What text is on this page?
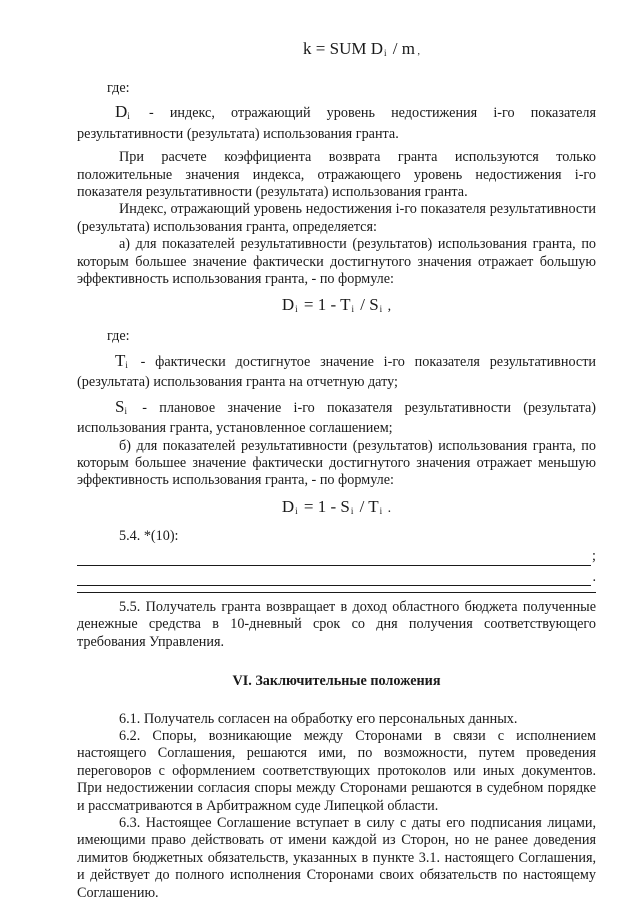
k = SUM $D_i$ / m ,
где:
$D_i$ - индекс, отражающий уровень недостижения i-го показателя результативности (результата) использования гранта.
При расчете коэффициента возврата гранта используются только положительные значения индекса, отражающего уровень недостижения i-го показателя результативности (результата) использования гранта.
Индекс, отражающий уровень недостижения i-го показателя результативности (результата) использования гранта, определяется:
а) для показателей результативности (результатов) использования гранта, по которым большее значение фактически достигнутого значения отражает большую эффективность использования гранта, - по формуле:
$D_i = 1 - T_i / S_i$ ,
где:
$T_i$ - фактически достигнутое значение i-го показателя результативности (результата) использования гранта на отчетную дату;
$S_i$ - плановое значение i-го показателя результативности (результата) использования гранта, установленное соглашением;
б) для показателей результативности (результатов) использования гранта, по которым большее значение фактически достигнутого значения отражает меньшую эффективность использования гранта, - по формуле:
$D_i = 1 - S_i / T_i$ .
5.4. *(10):
;
.
5.5. Получатель гранта возвращает в доход областного бюджета полученные денежные средства в 10-дневный срок со дня получения соответствующего требования Управления.
VI. Заключительные положения
6.1. Получатель согласен на обработку его персональных данных.
6.2. Споры, возникающие между Сторонами в связи с исполнением настоящего Соглашения, решаются ими, по возможности, путем проведения переговоров с оформлением соответствующих протоколов или иных документов. При недостижении согласия споры между Сторонами решаются в судебном порядке и рассматриваются в Арбитражном суде Липецкой области.
6.3. Настоящее Соглашение вступает в силу с даты его подписания лицами, имеющими право действовать от имени каждой из Сторон, но не ранее доведения лимитов бюджетных обязательств, указанных в пункте 3.1. настоящего Соглашения, и действует до полного исполнения Сторонами своих обязательств по настоящему Соглашению.
